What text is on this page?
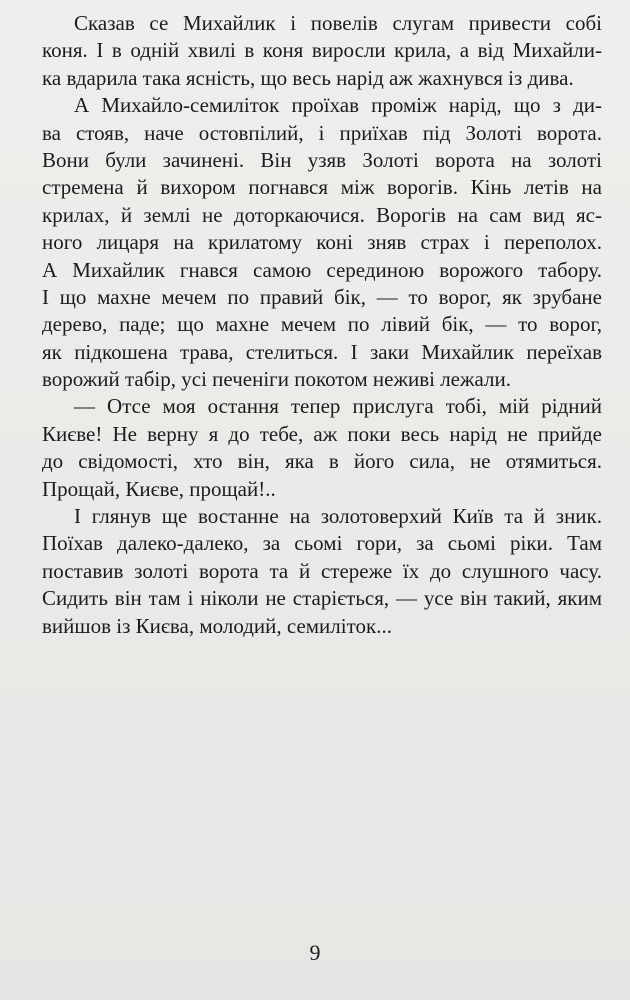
Сказав се Михайлик і повелів слугам привести собі
коня. І в одній хвилі в коня виросли крила, а від Михайли-
ка вдарила така ясність, що весь нарід аж жахнувся із дива.
А Михайло-семиліток проїхав проміж нарід, що з ди-
ва стояв, наче остовпілий, і приїхав під Золоті ворота.
Вони були зачинені. Він узяв Золоті ворота на золоті
стремена й вихором погнався між ворогів. Кінь летів на
крилах, й землі не доторкаючися. Ворогів на сам вид яс-
ного лицаря на крилатому коні зняв страх і переполох.
А Михайлик гнався самою серединою ворожого табору.
І що махне мечем по правий бік, — то ворог, як зрубане
дерево, паде; що махне мечем по лівий бік, — то ворог,
як підкошена трава, стелиться. І заки Михайлик переїхав
ворожий табір, усі печеніги покотом неживі лежали.
— Отсе моя остання тепер прислуга тобі, мій рідний
Києве! Не верну я до тебе, аж поки весь нарід не прийде
до свідомості, хто він, яка в його сила, не отямиться.
Прощай, Києве, прощай!..
І глянув ще востанне на золотоверхий Київ та й зник.
Поїхав далеко-далеко, за сьомі гори, за сьомі ріки. Там
поставив золоті ворота та й стереже їх до слушного часу.
Сидить він там і ніколи не старіється, — усе він такий, яким
вийшов із Києва, молодий, семиліток...
9
